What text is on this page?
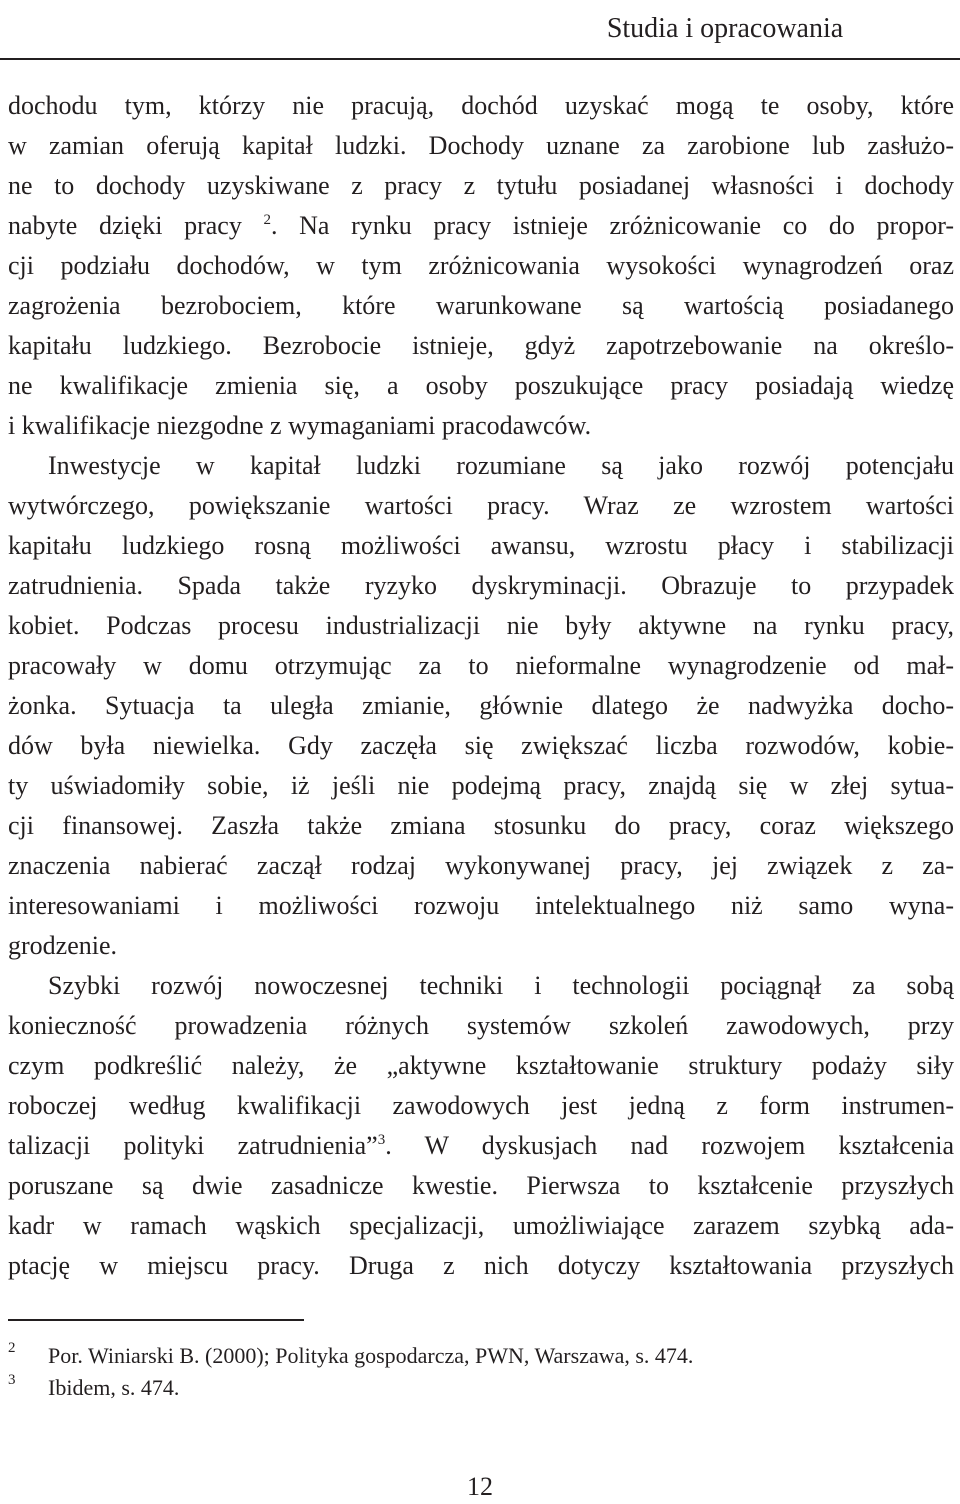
Studia i opracowania
dochodu tym, którzy nie pracują, dochód uzyskać mogą te osoby, które
w zamian oferują kapitał ludzki. Dochody uznane za zarobione lub zasłużo-
ne to dochody uzyskiwane z pracy z tytułu posiadanej własności i dochody
nabyte dzięki pracy $^2$. Na rynku pracy istnieje zróżnicowanie co do propor-
cji podziału dochodów, w tym zróżnicowania wysokości wynagrodzeń oraz
zagrożenia bezrobociem, które warunkowane są wartością posiadanego
kapitału ludzkiego. Bezrobocie istnieje, gdyż zapotrzebowanie na określo-
ne kwalifikacje zmienia się, a osoby poszukujące pracy posiadają wiedzę
i kwalifikacje niezgodne z wymaganiami pracodawców.
Inwestycje w kapitał ludzki rozumiane są jako rozwój potencjału
wytwórczego, powiększanie wartości pracy. Wraz ze wzrostem wartości
kapitału ludzkiego rosną możliwości awansu, wzrostu płacy i stabilizacji
zatrudnienia. Spada także ryzyko dyskryminacji. Obrazuje to przypadek
kobiet. Podczas procesu industrializacji nie były aktywne na rynku pracy,
pracowały w domu otrzymując za to nieformalne wynagrodzenie od mał-
żonka. Sytuacja ta uległa zmianie, głównie dlatego że nadwyżka docho-
dów była niewielka. Gdy zaczęła się zwiększać liczba rozwodów, kobie-
ty uświadomiły sobie, iż jeśli nie podejmą pracy, znajdą się w złej sytua-
cji finansowej. Zaszła także zmiana stosunku do pracy, coraz większego
znaczenia nabierać zaczął rodzaj wykonywanej pracy, jej związek z za-
interesowaniami i możliwości rozwoju intelektualnego niż samo wyna-
grodzenie.
Szybki rozwój nowoczesnej techniki i technologii pociągnął za sobą
konieczność prowadzenia różnych systemów szkoleń zawodowych, przy
czym podkreślić należy, że „aktywne kształtowanie struktury podaży siły
roboczej według kwalifikacji zawodowych jest jedną z form instrumen-
talizacji polityki zatrudnienia”$^3$. W dyskusjach nad rozwojem kształcenia
poruszane są dwie zasadnicze kwestie. Pierwsza to kształcenie przyszłych
kadr w ramach wąskich specjalizacji, umożliwiające zarazem szybką ada-
ptację w miejscu pracy. Druga z nich dotyczy kształtowania przyszłych
2 Por. Winiarski B. (2000); Polityka gospodarcza, PWN, Warszawa, s. 474.
3 Ibidem, s. 474.
12
